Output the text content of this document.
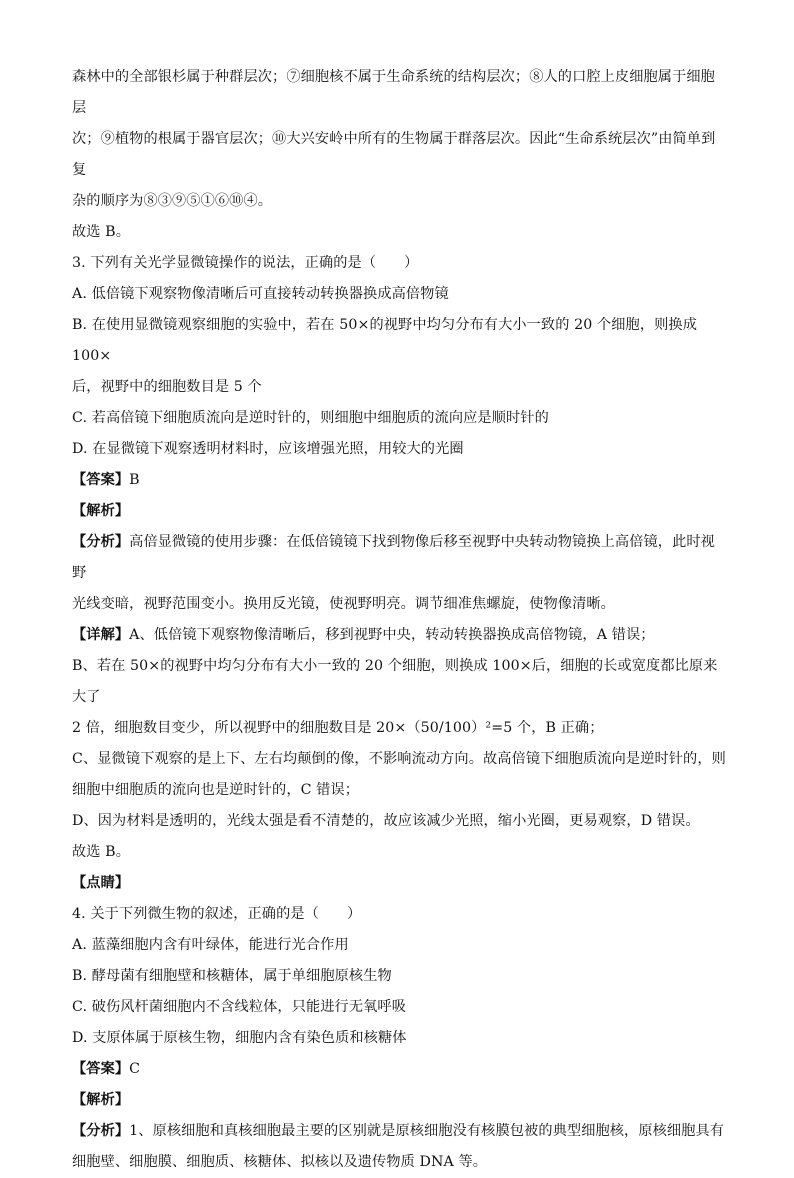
森林中的全部银杉属于种群层次；⑦细胞核不属于生命系统的结构层次；⑧人的口腔上皮细胞属于细胞层

次；⑨植物的根属于器官层次；⑩大兴安岭中所有的生物属于群落层次。因此“生命系统层次”由简单到复

杂的顺序为⑧③⑨⑤①⑥⑩④。

故选 B。

3. 下列有关光学显微镜操作的说法，正确的是（ ）

A. 低倍镜下观察物像清晰后可直接转动转换器换成高倍物镜

B. 在使用显微镜观察细胞的实验中，若在 50×的视野中均匀分布有大小一致的 20 个细胞，则换成 100×

后，视野中的细胞数目是 5 个

C. 若高倍镜下细胞质流向是逆时针的，则细胞中细胞质的流向应是顺时针的

D. 在显微镜下观察透明材料时，应该增强光照，用较大的光圈

【答案】B

【解析】

【分析】高倍显微镜的使用步骤：在低倍镜镜下找到物像后移至视野中央转动物镜换上高倍镜，此时视野

光线变暗，视野范围变小。换用反光镜，使视野明亮。调节细准焦螺旋，使物像清晰。

【详解】A、低倍镜下观察物像清晰后，移到视野中央，转动转换器换成高倍物镜，A 错误；

B、若在 50×的视野中均匀分布有大小一致的 20 个细胞，则换成 100×后，细胞的长或宽度都比原来大了

2 倍，细胞数目变少，所以视野中的细胞数目是 20×（50/100）²=5 个，B 正确；

C、显微镜下观察的是上下、左右均颠倒的像，不影响流动方向。故高倍镜下细胞质流向是逆时针的，则

细胞中细胞质的流向也是逆时针的，C 错误；

D、因为材料是透明的，光线太强是看不清楚的，故应该减少光照，缩小光圈，更易观察，D 错误。

故选 B。

【点睛】

4. 关于下列微生物的叙述，正确的是（ ）

A. 蓝藻细胞内含有叶绿体，能进行光合作用

B. 酵母菌有细胞壁和核糖体，属于单细胞原核生物

C. 破伤风杆菌细胞内不含线粒体，只能进行无氧呼吸

D. 支原体属于原核生物，细胞内含有染色质和核糖体

【答案】C

【解析】

【分析】1、原核细胞和真核细胞最主要的区别就是原核细胞没有核膜包被的典型细胞核，原核细胞具有

细胞壁、细胞膜、细胞质、核糖体、拟核以及遗传物质 DNA 等。
